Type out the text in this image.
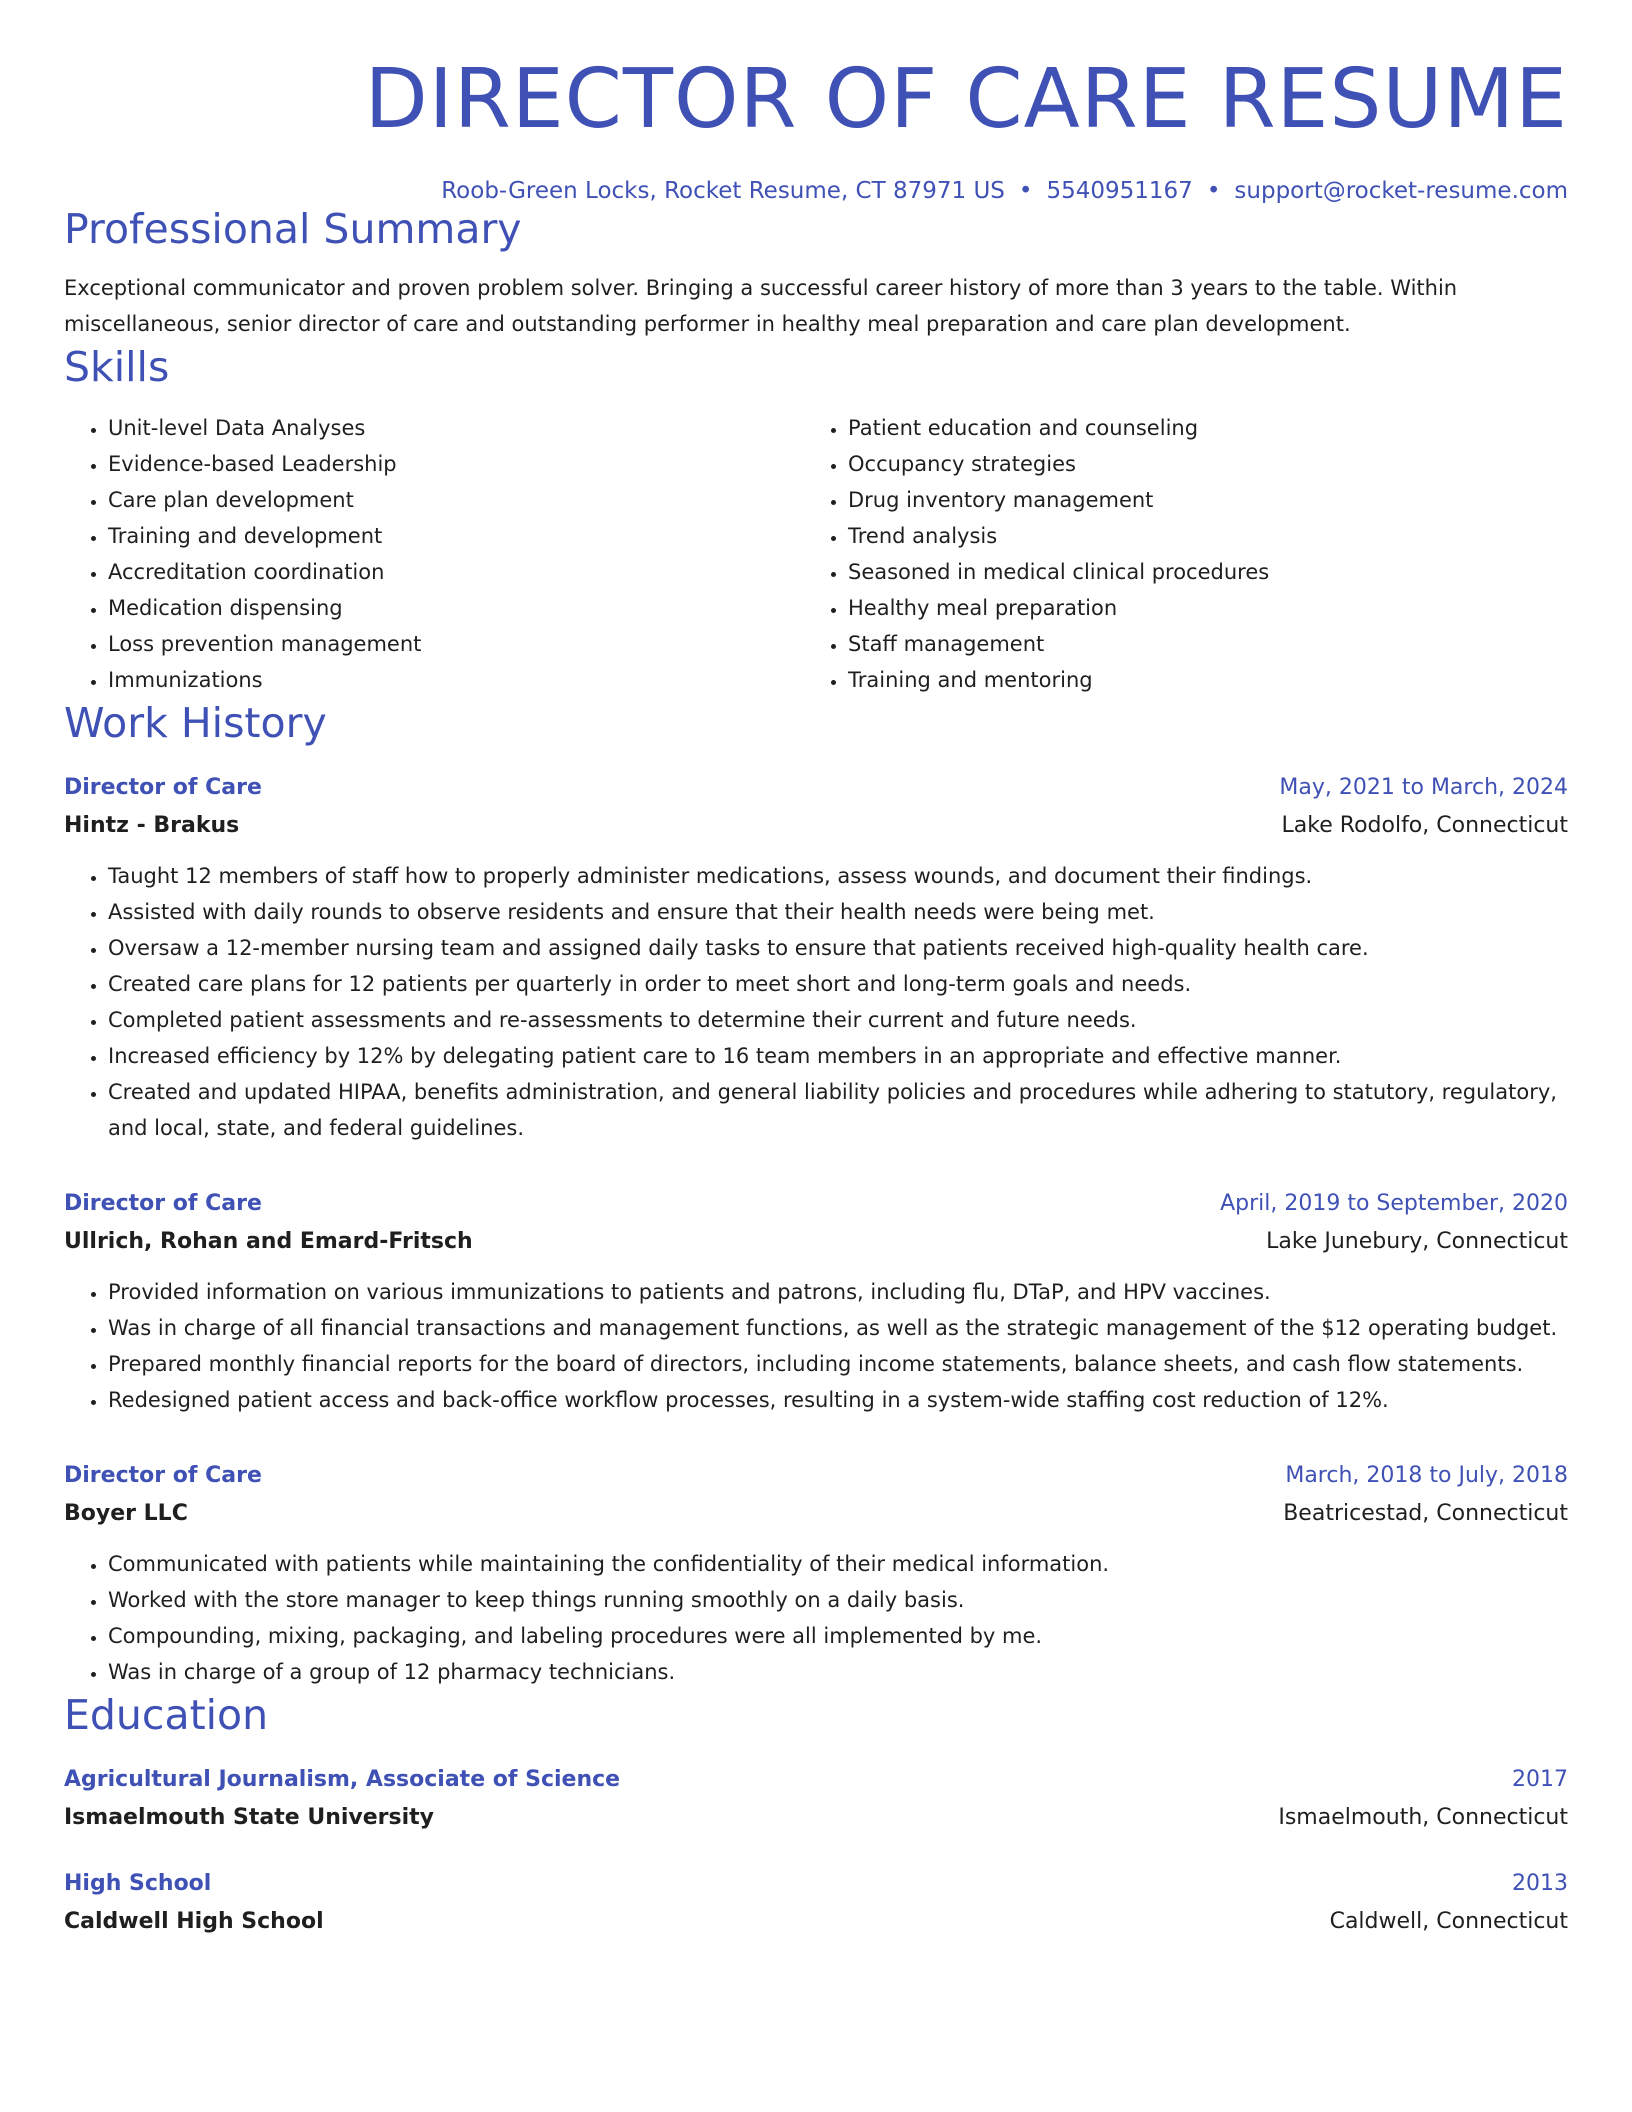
DIRECTOR OF CARE RESUME
Roob-Green Locks, Rocket Resume, CT 87971 US • 5540951167 • support@rocket-resume.com
Professional Summary

Exceptional communicator and proven problem solver. Bringing a successful career history of more than 3 years to the table. Within miscellaneous, senior director of care and outstanding performer in healthy meal preparation and care plan development.

Skills
• Unit-level Data Analyses
• Evidence-based Leadership
• Care plan development
• Training and development
• Accreditation coordination
• Medication dispensing
• Loss prevention management
• Immunizations
• Patient education and counseling
• Occupancy strategies
• Drug inventory management
• Trend analysis
• Seasoned in medical clinical procedures
• Healthy meal preparation
• Staff management
• Training and mentoring
Work History
Director of Care	May, 2021 to March, 2024
Hintz - Brakus	Lake Rodolfo, Connecticut
• Taught 12 members of staff how to properly administer medications, assess wounds, and document their findings.
• Assisted with daily rounds to observe residents and ensure that their health needs were being met.
• Oversaw a 12-member nursing team and assigned daily tasks to ensure that patients received high-quality health care.
• Created care plans for 12 patients per quarterly in order to meet short and long-term goals and needs.
• Completed patient assessments and re-assessments to determine their current and future needs.
• Increased efficiency by 12% by delegating patient care to 16 team members in an appropriate and effective manner.
• Created and updated HIPAA, benefits administration, and general liability policies and procedures while adhering to statutory, regulatory, and local, state, and federal guidelines.
Director of Care	April, 2019 to September, 2020
Ullrich, Rohan and Emard-Fritsch	Lake Junebury, Connecticut
• Provided information on various immunizations to patients and patrons, including flu, DTaP, and HPV vaccines.
• Was in charge of all financial transactions and management functions, as well as the strategic management of the $12 operating budget.
• Prepared monthly financial reports for the board of directors, including income statements, balance sheets, and cash flow statements.
• Redesigned patient access and back-office workflow processes, resulting in a system-wide staffing cost reduction of 12%.
Director of Care	March, 2018 to July, 2018
Boyer LLC	Beatricestad, Connecticut
• Communicated with patients while maintaining the confidentiality of their medical information.
• Worked with the store manager to keep things running smoothly on a daily basis.
• Compounding, mixing, packaging, and labeling procedures were all implemented by me.
• Was in charge of a group of 12 pharmacy technicians.
Education
Agricultural Journalism, Associate of Science	2017
Ismaelmouth State University	Ismaelmouth, Connecticut
High School	2013
Caldwell High School	Caldwell, Connecticut
